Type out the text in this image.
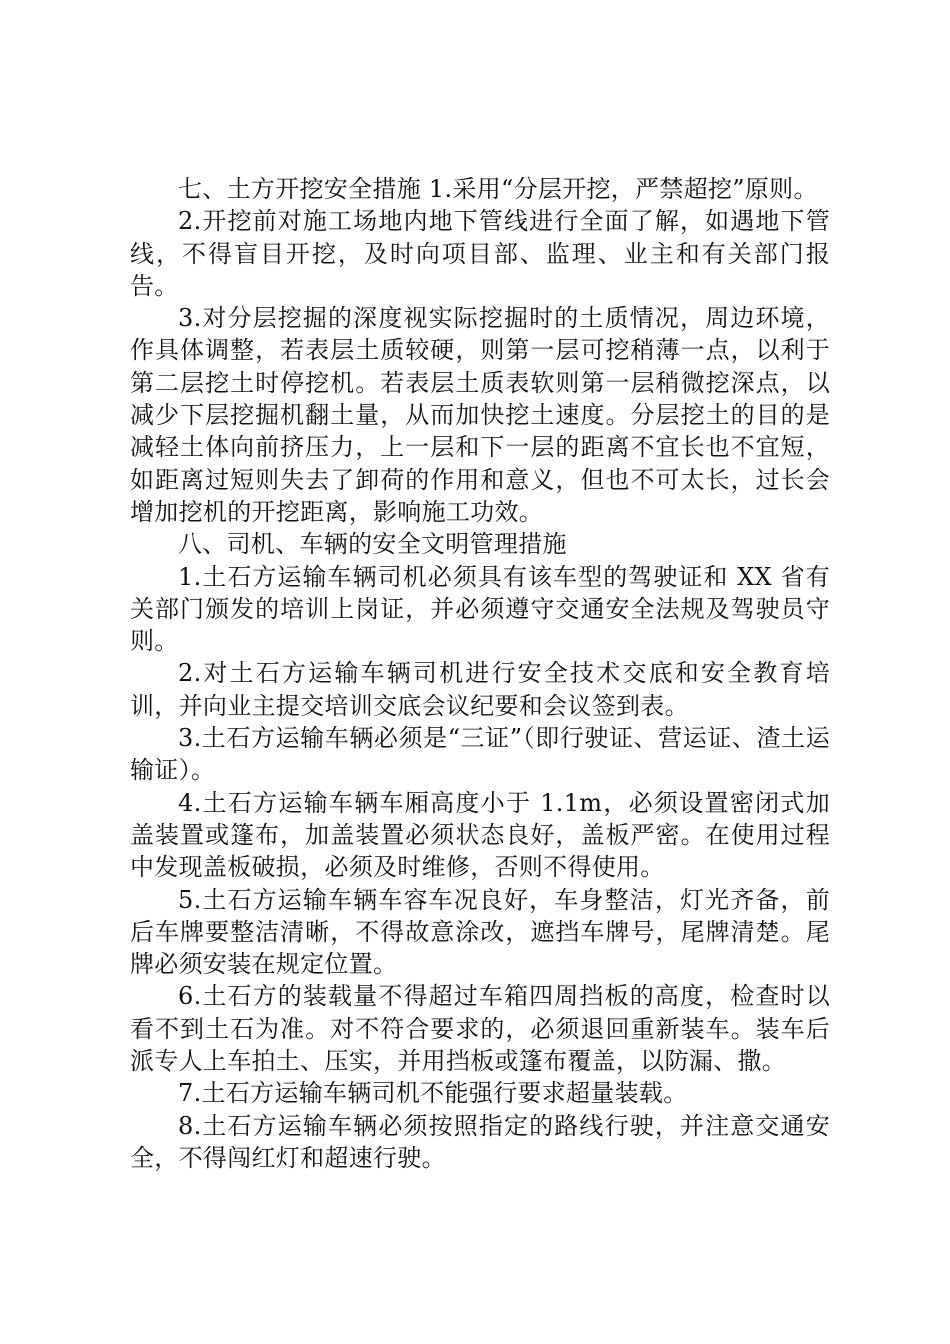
七、土方开挖安全措施 1.采用“分层开挖，严禁超挖”原则。

2.开挖前对施工场地内地下管线进行全面了解，如遇地下管线，不得盲目开挖，及时向项目部、监理、业主和有关部门报告。

3.对分层挖掘的深度视实际挖掘时的土质情况，周边环境，作具体调整，若表层土质较硬，则第一层可挖稍薄一点，以利于第二层挖土时停挖机。若表层土质表软则第一层稍微挖深点，以减少下层挖掘机翻土量，从而加快挖土速度。分层挖土的目的是减轻土体向前挤压力，上一层和下一层的距离不宜长也不宜短，如距离过短则失去了卸荷的作用和意义，但也不可太长，过长会增加挖机的开挖距离，影响施工功效。

八、司机、车辆的安全文明管理措施

1.土石方运输车辆司机必须具有该车型的驾驶证和 XX 省有关部门颁发的培训上岗证，并必须遵守交通安全法规及驾驶员守则。

2.对土石方运输车辆司机进行安全技术交底和安全教育培训，并向业主提交培训交底会议纪要和会议签到表。

3.土石方运输车辆必须是“三证”（即行驶证、营运证、渣土运输证）。

4.土石方运输车辆车厢高度小于 1.1m，必须设置密闭式加盖装置或篷布，加盖装置必须状态良好，盖板严密。在使用过程中发现盖板破损，必须及时维修，否则不得使用。

5.土石方运输车辆车容车况良好，车身整洁，灯光齐备，前后车牌要整洁清晰，不得故意涂改，遮挡车牌号，尾牌清楚。尾牌必须安装在规定位置。

6.土石方的装载量不得超过车箱四周挡板的高度，检查时以看不到土石为准。对不符合要求的，必须退回重新装车。装车后派专人上车拍土、压实，并用挡板或篷布覆盖，以防漏、撒。

7.土石方运输车辆司机不能强行要求超量装载。

8.土石方运输车辆必须按照指定的路线行驶，并注意交通安全，不得闯红灯和超速行驶。
